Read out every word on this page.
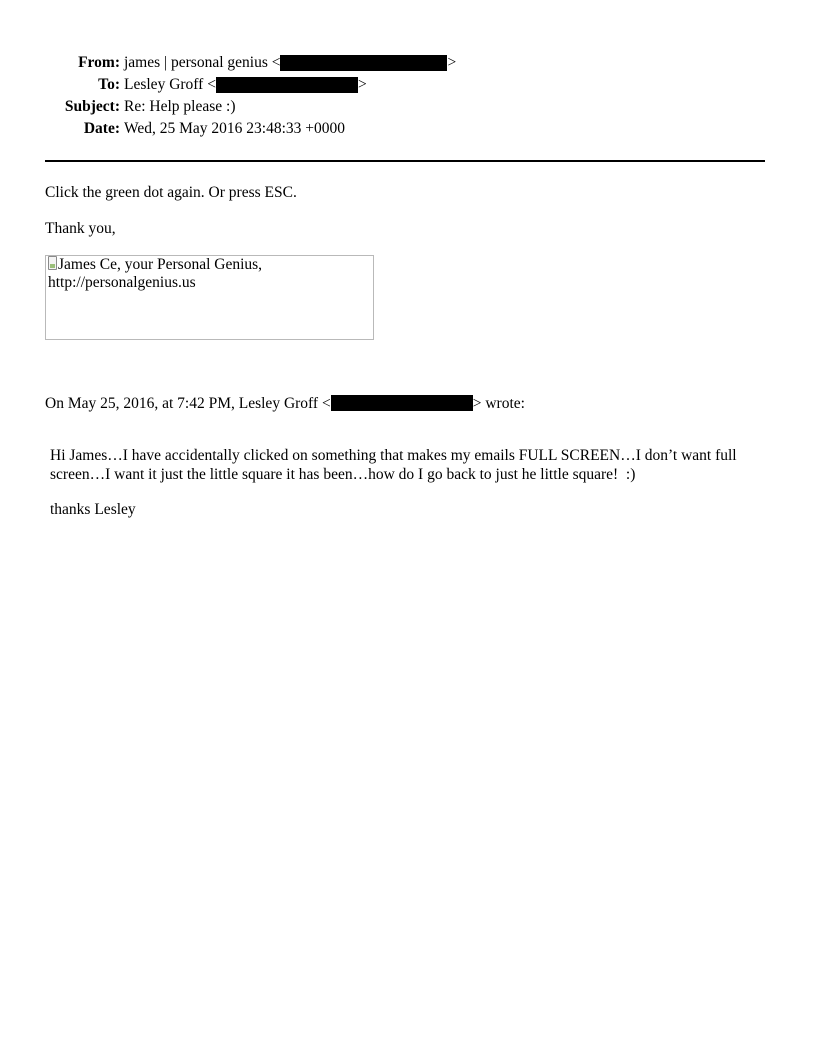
From: james | personal genius <	>
To: Lesley Groff <	>
Subject: Re: Help please :)
Date: Wed, 25 May 2016 23:48:33 +0000

Click the green dot again. Or press ESC.

Thank you,

James Ce, your Personal Genius, http://personalgenius.us
On May 25, 2016, at 7:42 PM, Lesley Groff <	> wrote:

Hi James…I have accidentally clicked on something that makes my emails FULL SCREEN…I don’t want full screen…I want it just the little square it has been…how do I go back to just he little square!  :)

thanks Lesley
